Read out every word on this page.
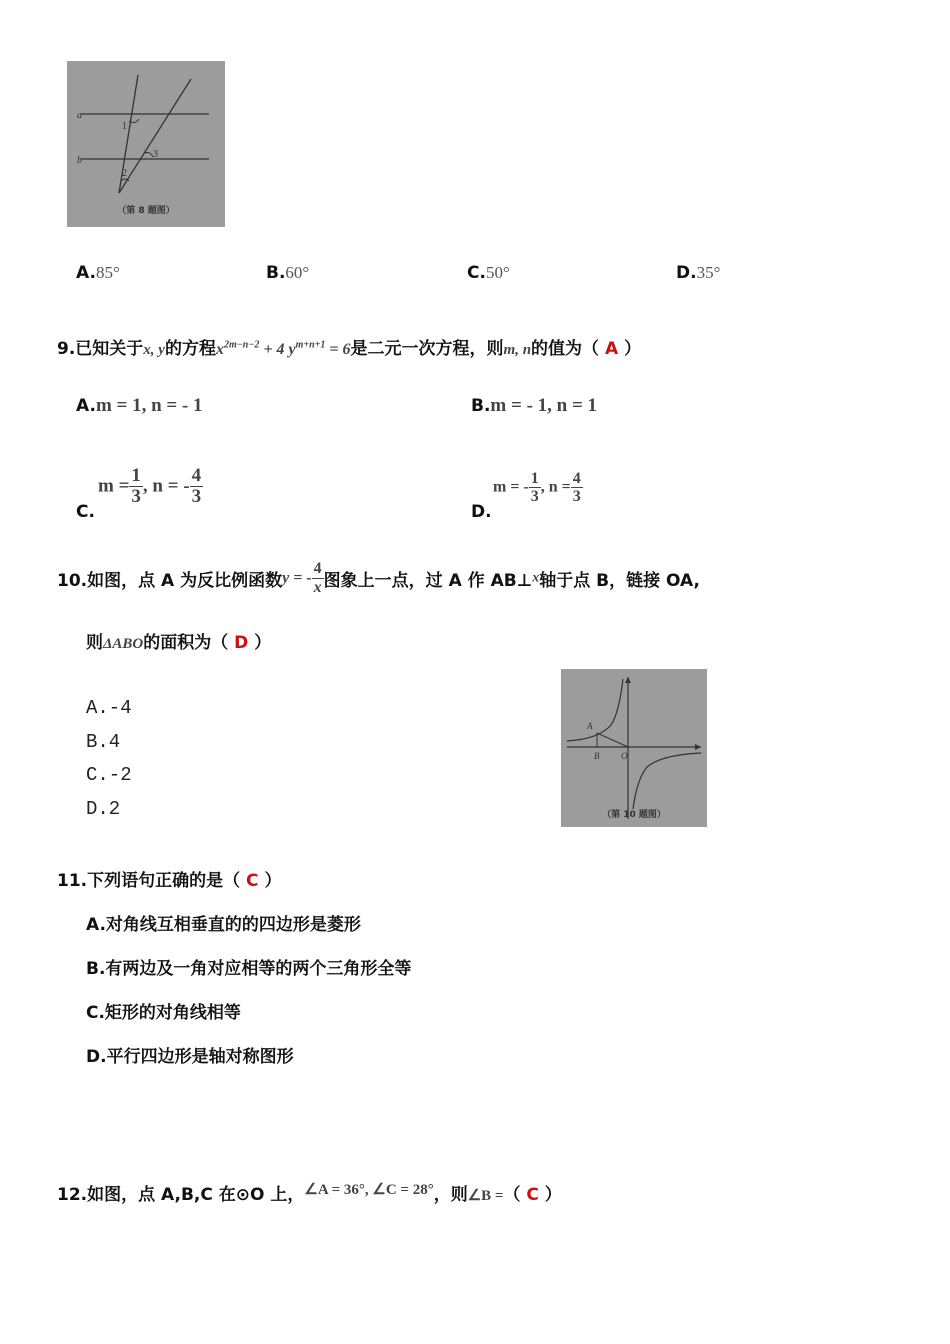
a
b
1
2
3
（第 8 题图）
A.85°	B.60°	C.50°	D.35°
9.已知关于x, y的方程$x^{2m-n-2} + 4$ $y^{m+n+1} = 6$是二元一次方程，则m, n的值为（ A ）
A.m = 1, n = - 1	B.m = - 1, n = 1
C.
$m = \frac{1}{3}$ , n = - $\frac{4}{3}$
D.
m = - $\frac{1}{3}$ , $n = \frac{4}{3}$
10.如图，点 A 为反比例函数y = - $\frac{4}{x}$ 图象上一点，过 A 作 AB⊥x轴于点 B，链接 OA,
则ΔABO的面积为（ D ）
A.-4
B.4
C.-2
D.2
A
B O
（第 10 题图）
11.下列语句正确的是（ C ）
A.对角线互相垂直的的四边形是菱形
B.有两边及一角对应相等的两个三角形全等
C.矩形的对角线相等
D.平行四边形是轴对称图形
12.如图，点 A,B,C 在⊙O 上，∠A = 36°, ∠C = 28°，则∠B =（ C ）
